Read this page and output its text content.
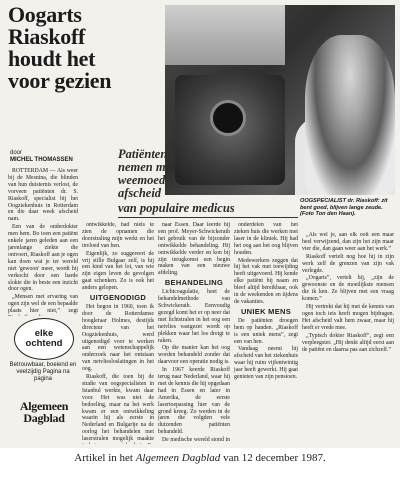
Oogarts
Riaskoff
houdt het
voor gezien
door
MICHEL THOMASSEN	Patiënten
nemen met
weemoed
afscheid
van populaire medicus	OOGSPECIALIST dr. Riaskoff: zit bent goed, blijven lange zeude. (Foto Ton den Haan).

ROTTERDAM — Als weer bij de Mesnina, die blinden van hun duisternis verlost, de vorveen patiënten dr. S. Riaskoff, specialist bij het Oogziekenhuis in Rotterdam en die daar week afscheid nam.

Een van de onderdokter men hem. Bo toen een patiënt enkele jaren geleden aan een jarenlange ziekte die ontvoert, Riaskoff aan je ogen kan doen wat je ter wereld niet 'gewoon' meer, wordt hij verkocht door een harde slokte die in beste een inzicht door ogen.

„Mensen met ervaring van ogen zijn wel de een bepaalde plaats hier niet,” zegt

elke
ochtend
Betrouwbaar, boeiend en veelzijdig Pagina na pagina
Algemeen
Dagblad

ontwikkelde, had niets te zien de opnamen die doorstraling mijn werkt en het invloed van hen.

Eigenlijk, zo suggereert de vrij stille Bulgaar zelf, is hij een kind van het lot, van wie zijn eigen leven de gevolgen gaat schenken. Zo is ook het anders gelopen.

UITGENODIGD

Het begon in 1960, toen ik door de Rotterdamse hoogleraar Holmes, destijds directeur van het Oogziekenhuis, werd uitgenodigd voor te werken aan een wetenschappelijk onderzoek naar het ontstaan van netvliesloslatingen in het oog.

Riaskoff, die toen bij de studie van oogspecialisten in Istanbul werkte, kwam daar voor. Het was niet de bedoeling, maar na het werk kwam er een ontwikkeling waarin hij als eerste in Nederland en Bulgarije na de oorlog het behandelen met laserstralen mogelijk maakte

naar Essen. Daar leerde hij een prof. Meyer-Schwickerath het gebruik van de bijzonder ontwikkelde behandeling. Hij ontwikkelde verder en kon bij zijn terugkomst een begin maken van een nieuwe afdeling.

BEHANDELING

Lichtcoagulatie, heet de behandelmethode van Schwickerath. Eenvoudig gezegd komt het er op neer dat met lichtstralen in het oog een netvlies vastgezet wordt op plekken waar het los dreigt te raken.

Op die manier kan het oog worden behandeld zonder dat daarvoor een operatie nodig is.

In 1967 keerde Riaskoff terug naar Nederland, waar hij met de kennis die hij opgedaan had in Essen en later in Amerika, de eerste lasertoepassing hier van de grond kreeg. Zo werden in de jaren die volgden vele duizenden patiënten behandeld.

De medische wereld stond in

onderdelen van het zieken huis die werken met laser in de kliniek. Hij had het oog aan het oog blijven houden.

Medewerkers zeggen dat hij het vak met toewijding heeft uitgevoerd. Hij kende elke patiënt bij naam en bleef altijd bereikbaar, ook in de weekenden en tijdens de vakanties.

UNIEK MENS

De patiënten droegen hem op handen. „Riaskoff is een uniek mens”, zegt een van hen.

Vandaag neemt hij afscheid van het ziekenhuis waar hij ruim vijfentwintig jaar heeft gewerkt. Hij gaat genieten van zijn pensioen.

„Als wel je, aan elk ooit een maar heel verwijzend, dan zijn het zijn maar vier die, dan gaan weer aan het werk.”

Riaskoff vertelt nog hoe hij in zijn werk zelf de grenzen van zijn vak verlegde.

„Oogarts”, vertelt hij, „zijn de gewoonste en de moeilijkste mensen die ik ken. Ze blijven met een vraag komen.”

Hij vertrekt dat hij met de kennis van ogen toch iets heeft mogen bijdragen. Het afscheid valt hem zwaar, maar hij heeft er vrede mee.

„Typisch dokter Riaskoff”, zegt een verpleegster. „Hij denkt altijd eerst aan de patiënt en daarna pas aan zichzelf.”

Artikel in het Algemeen Dagblad van 12 december 1987.
